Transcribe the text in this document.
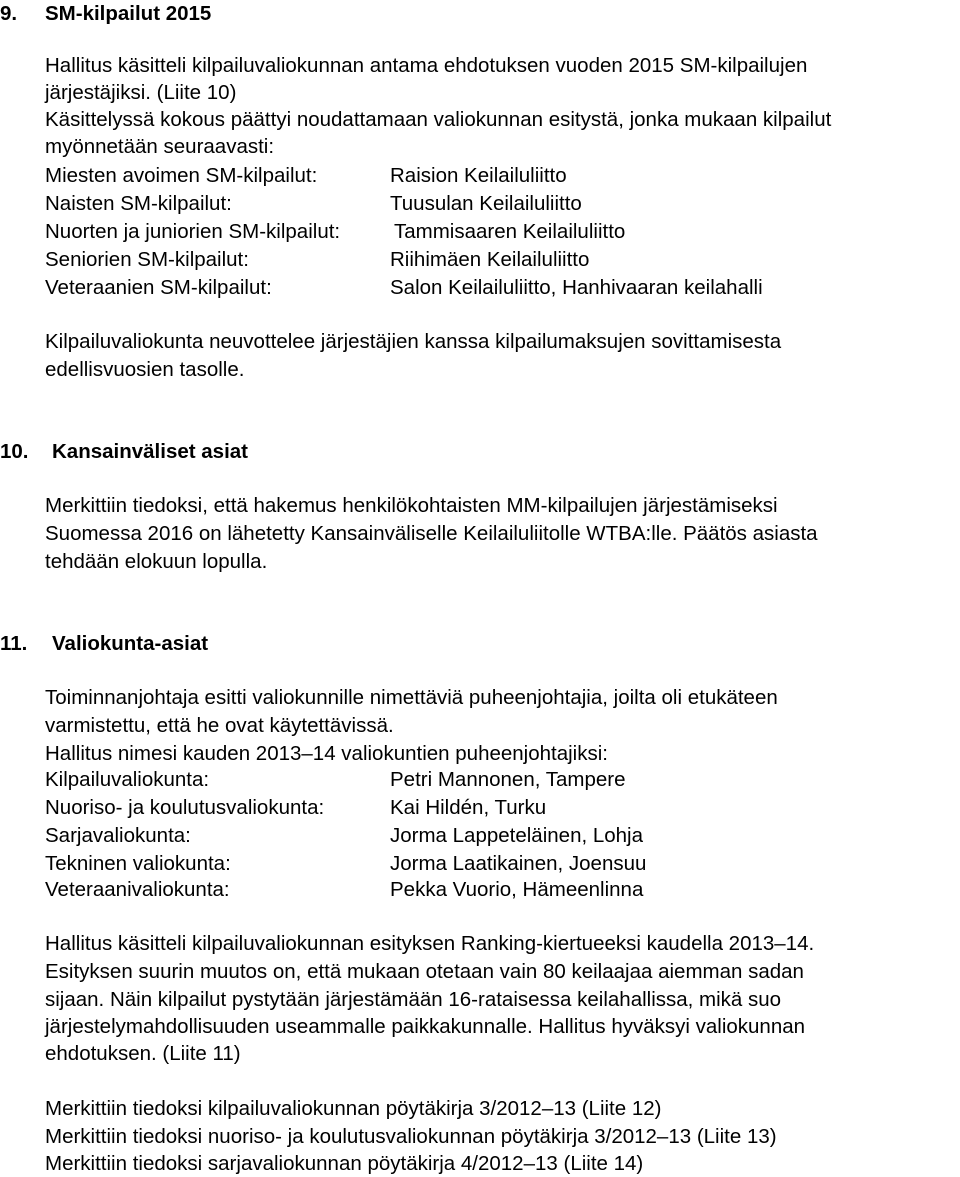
9. SM-kilpailut 2015
Hallitus käsitteli kilpailuvaliokunnan antama ehdotuksen vuoden 2015 SM-kilpailujen
järjestäjiksi. (Liite 10)
Käsittelyssä kokous päättyi noudattamaan valiokunnan esitystä, jonka mukaan kilpailut
myönnetään seuraavasti:
Miesten avoimen SM-kilpailut:	Raision Keilailuliitto
Naisten SM-kilpailut:	Tuusulan Keilailuliitto
Nuorten ja juniorien SM-kilpailut:	Tammisaaren Keilailuliitto
Seniorien SM-kilpailut:	Riihimäen Keilailuliitto
Veteraanien SM-kilpailut:	Salon Keilailuliitto, Hanhivaaran keilahalli
Kilpailuvaliokunta neuvottelee järjestäjien kanssa kilpailumaksujen sovittamisesta
edellisvuosien tasolle.
10. Kansainväliset asiat
Merkittiin tiedoksi, että hakemus henkilökohtaisten MM-kilpailujen järjestämiseksi
Suomessa 2016 on lähetetty Kansainväliselle Keilailuliitolle WTBA:lle. Päätös asiasta
tehdään elokuun lopulla.
11. Valiokunta-asiat
Toiminnanjohtaja esitti valiokunnille nimettäviä puheenjohtajia, joilta oli etukäteen
varmistettu, että he ovat käytettävissä.
Hallitus nimesi kauden 2013–14 valiokuntien puheenjohtajiksi:
Kilpailuvaliokunta:	Petri Mannonen, Tampere
Nuoriso- ja koulutusvaliokunta:	Kai Hildén, Turku
Sarjavaliokunta:	Jorma Lappeteläinen, Lohja
Tekninen valiokunta:	Jorma Laatikainen, Joensuu
Veteraanivaliokunta:	Pekka Vuorio, Hämeenlinna
Hallitus käsitteli kilpailuvaliokunnan esityksen Ranking-kiertueeksi kaudella 2013–14.
Esityksen suurin muutos on, että mukaan otetaan vain 80 keilaajaa aiemman sadan
sijaan. Näin kilpailut pystytään järjestämään 16-rataisessa keilahallissa, mikä suo
järjestelymahdollisuuden useammalle paikkakunnalle. Hallitus hyväksyi valiokunnan
ehdotuksen. (Liite 11)
Merkittiin tiedoksi kilpailuvaliokunnan pöytäkirja 3/2012–13 (Liite 12)
Merkittiin tiedoksi nuoriso- ja koulutusvaliokunnan pöytäkirja 3/2012–13 (Liite 13)
Merkittiin tiedoksi sarjavaliokunnan pöytäkirja 4/2012–13 (Liite 14)
